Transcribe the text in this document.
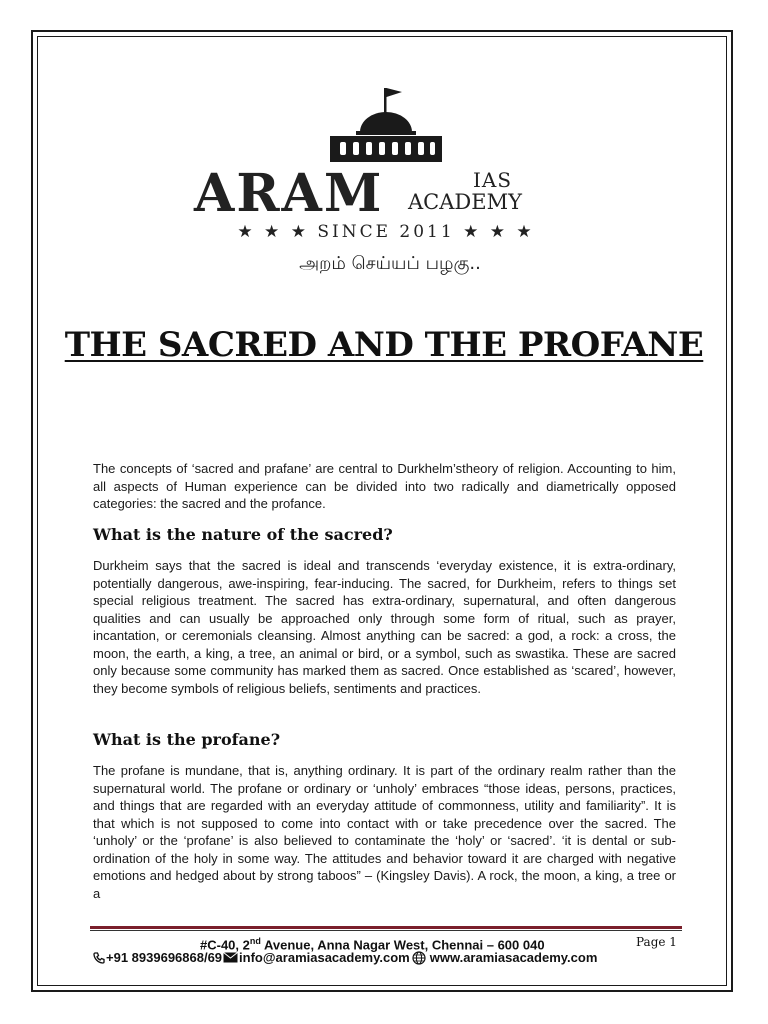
ARAM	IAS
ACADEMY
★ ★ ★ SINCE 2011 ★ ★ ★
அறம் செய்யப் பழகு..
THE SACRED AND THE PROFANE
The concepts of ‘sacred and prafane’ are central to Durkhelm’stheory of religion. Accounting to him, all aspects of Human experience can be divided into two radically and diametrically opposed categories: the sacred and the profance.
What is the nature of the sacred?
Durkheim says that the sacred is ideal and transcends ‘everyday existence, it is extra-ordinary, potentially dangerous, awe-inspiring, fear-inducing. The sacred, for Durkheim, refers to things set special religious treatment. The sacred has extra-ordinary, supernatural, and often dangerous qualities and can usually be approached only through some form of ritual, such as prayer, incantation, or ceremonials cleansing. Almost anything can be sacred: a god, a rock: a cross, the moon, the earth, a king, a tree, an animal or bird, or a symbol, such as swastika. These are sacred only because some community has marked them as sacred. Once established as ‘scared’, however, they become symbols of religious beliefs, sentiments and practices.
What is the profane?
The profane is mundane, that is, anything ordinary. It is part of the ordinary realm rather than the supernatural world. The profane or ordinary or ‘unholy’ embraces “those ideas, persons, practices, and things that are regarded with an everyday attitude of commonness, utility and familiarity”. It is that which is not supposed to come into contact with or take precedence over the sacred. The ‘unholy’ or the ‘profane’ is also believed to contaminate the ‘holy’ or ‘sacred’. ‘it is dental or sub-ordination of the holy in some way. The attitudes and behavior toward it are charged with negative emotions and hedged about by strong taboos” – (Kingsley Davis). A rock, the moon, a king, a tree or a
#C-40, 2nd Avenue, Anna Nagar West, Chennai – 600 040	Page 1
+91 8939696868/69 info@aramiasacademy.com www.aramiasacademy.com
